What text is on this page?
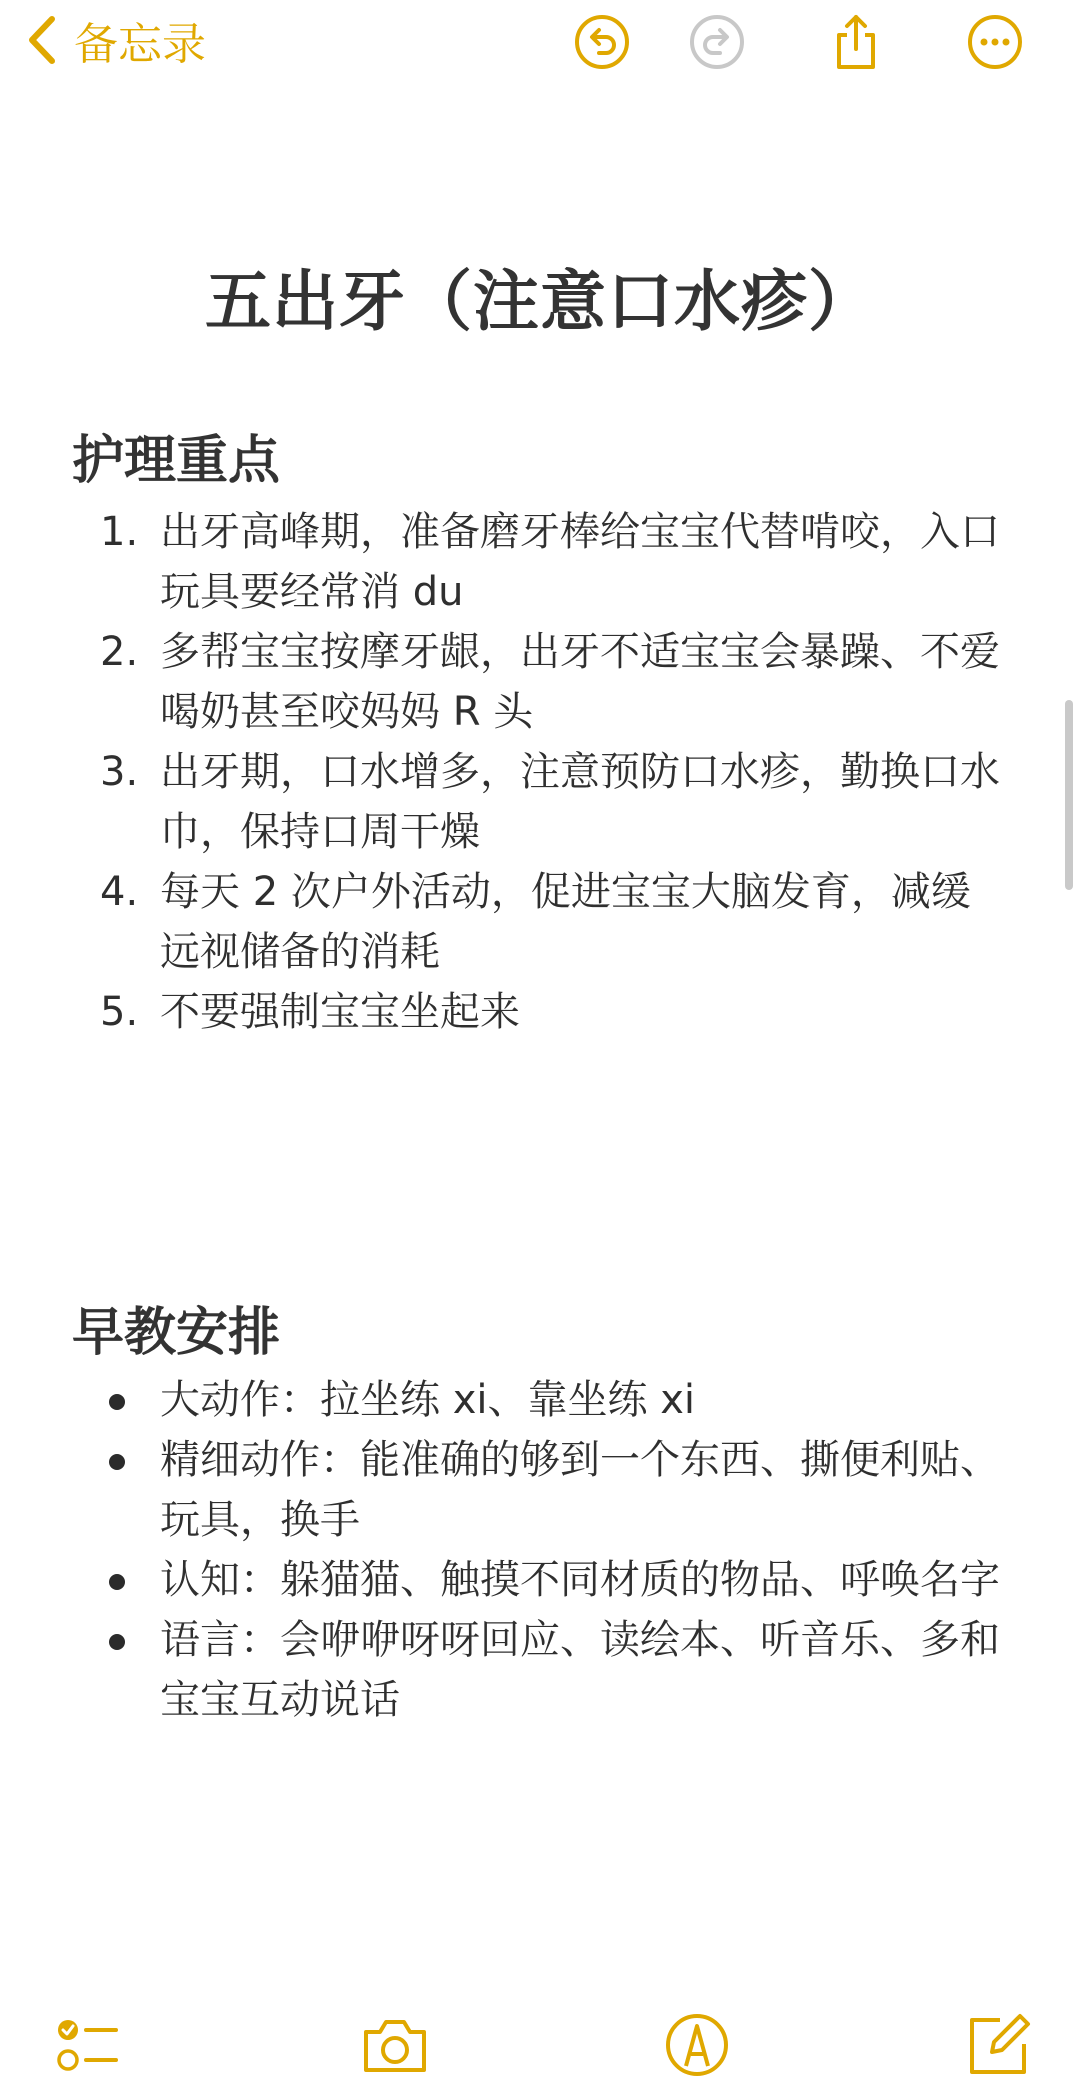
备忘录
五出牙（注意口水疹）
护理重点
1. 出牙高峰期，准备磨牙棒给宝宝代替啃咬，入口玩具要经常消 du
2. 多帮宝宝按摩牙龈，出牙不适宝宝会暴躁、不爱喝奶甚至咬妈妈 R 头
3. 出牙期，口水增多，注意预防口水疹，勤换口水巾，保持口周干燥
4. 每天 2 次户外活动，促进宝宝大脑发育，减缓远视储备的消耗
5. 不要强制宝宝坐起来
早教安排
大动作：拉坐练 xi、靠坐练 xi
精细动作：能准确的够到一个东西、撕便利贴、玩具，换手
认知：躲猫猫、触摸不同材质的物品、呼唤名字
语言：会咿咿呀呀回应、读绘本、听音乐、多和宝宝互动说话
